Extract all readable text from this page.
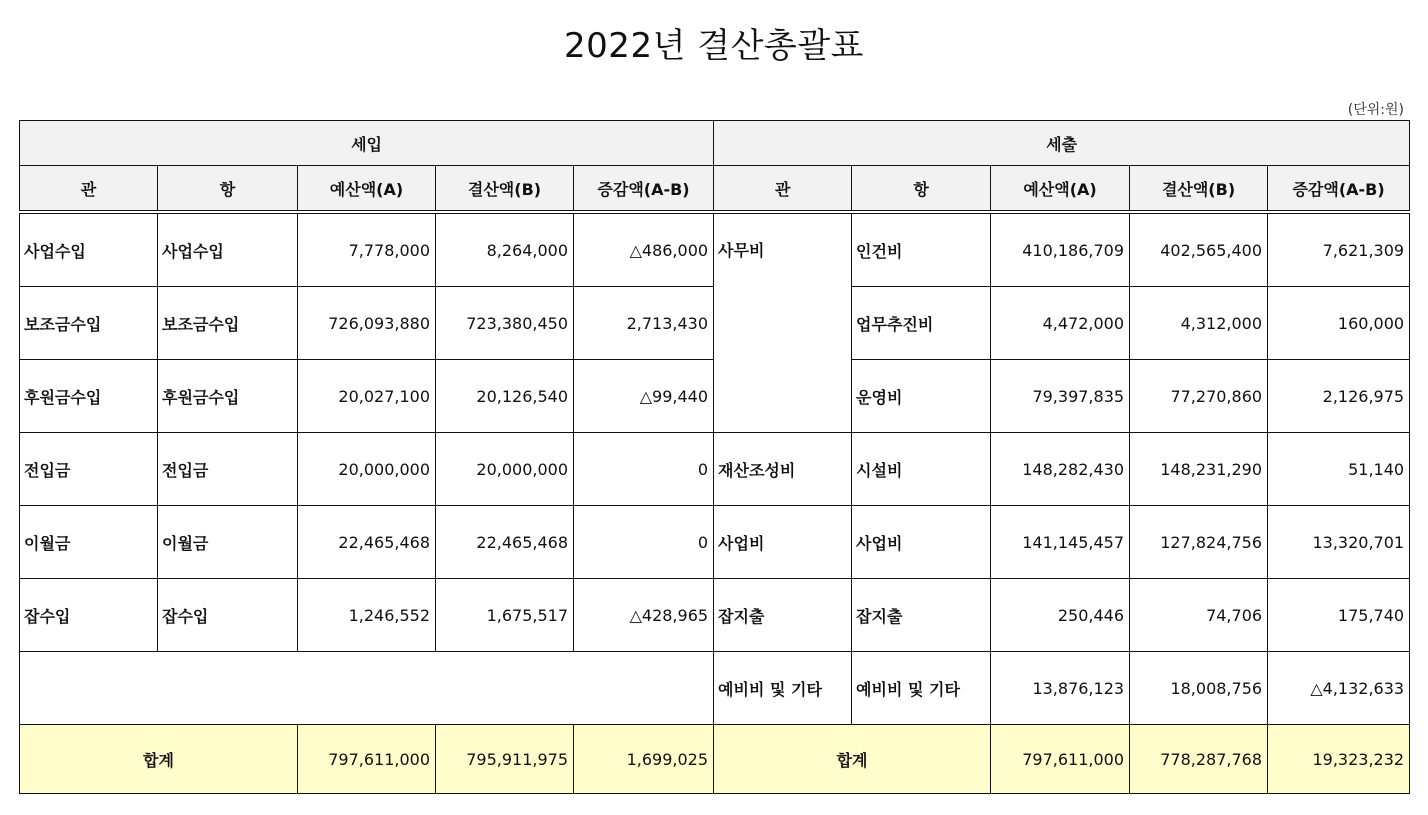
2022년 결산총괄표
(단위:원)
세입					세출				
관	항	예산액(A)	결산액(B)	증감액(A-B)	관	항	예산액(A)	결산액(B)	증감액(A-B)
사업수입	사업수입	7,778,000	8,264,000	△486,000	사무비	인건비	410,186,709	402,565,400	7,621,309
보조금수입	보조금수입	726,093,880	723,380,450	2,713,430		업무추진비	4,472,000	4,312,000	160,000
후원금수입	후원금수입	20,027,100	20,126,540	△99,440		운영비	79,397,835	77,270,860	2,126,975
전입금	전입금	20,000,000	20,000,000	0	재산조성비	시설비	148,282,430	148,231,290	51,140
이월금	이월금	22,465,468	22,465,468	0	사업비	사업비	141,145,457	127,824,756	13,320,701
잡수입	잡수입	1,246,552	1,675,517	△428,965	잡지출	잡지출	250,446	74,706	175,740
					예비비 및 기타	예비비 및 기타	13,876,123	18,008,756	△4,132,633
합계		797,611,000	795,911,975	1,699,025	합계		797,611,000	778,287,768	19,323,232
